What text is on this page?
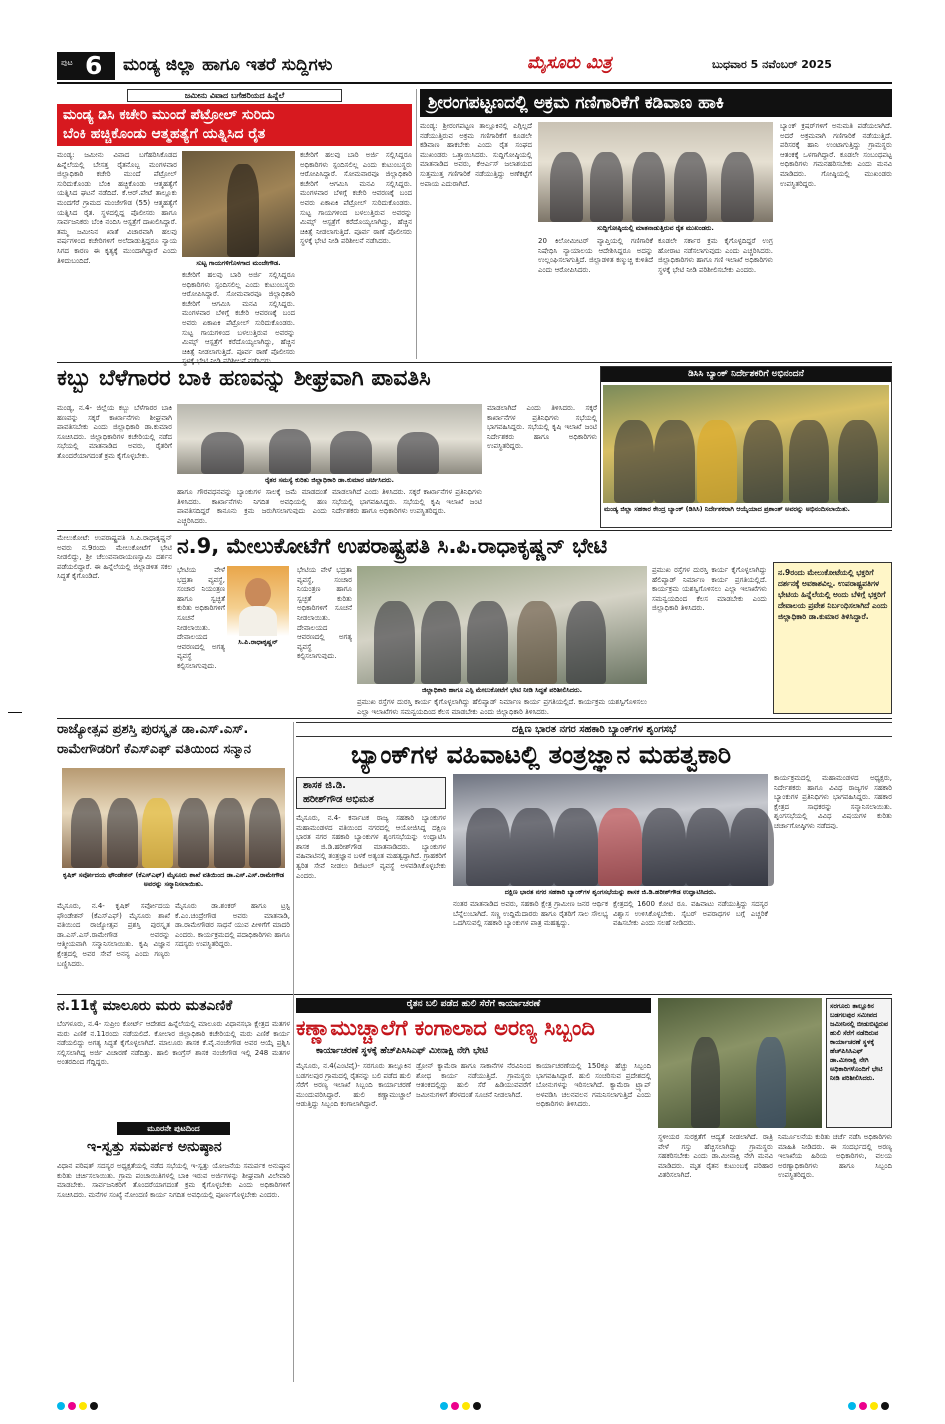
ಪುಟ 6 ಮಂಡ್ಯ ಜಿಲ್ಲಾ ಹಾಗೂ ಇತರೆ ಸುದ್ದಿಗಳು	ಮೈಸೂರು ಮಿತ್ರ	ಬುಧವಾರ 5 ನವೆಂಬರ್ 2025
ಜಮೀನು ವಿವಾದ ಬಗೆಹರಿಯದ ಹಿನ್ನೆಲೆ
ಮಂಡ್ಯ ಡಿಸಿ ಕಚೇರಿ ಮುಂದೆ ಪೆಟ್ರೋಲ್ ಸುರಿದು
ಬೆಂಕಿ ಹಚ್ಚಿಕೊಂಡು ಆತ್ಮಹತ್ಯೆಗೆ ಯತ್ನಿಸಿದ ರೈತ
ಮಂಡ್ಯ: ಜಮೀನು ವಿವಾದ ಬಗೆಹರಿಸಿಕೊಡದ ಹಿನ್ನೆಲೆಯಲ್ಲಿ ಬೇಸತ್ತ ರೈತನೊಬ್ಬ ಮಂಗಳವಾರ ಜಿಲ್ಲಾಧಿಕಾರಿ ಕಚೇರಿ ಮುಂದೆ ಪೆಟ್ರೋಲ್ ಸುರಿದುಕೊಂಡು ಬೆಂಕಿ ಹಚ್ಚಿಕೊಂಡು ಆತ್ಮಹತ್ಯೆಗೆ ಯತ್ನಿಸಿದ ಘಟನೆ ನಡೆದಿದೆ. ಕೆ.ಆರ್.ಪೇಟೆ ತಾಲ್ಲೂಕು ಮಂದಗೆರೆ ಗ್ರಾಮದ ಮಂಜೇಗೌಡ (55) ಆತ್ಮಹತ್ಯೆಗೆ ಯತ್ನಿಸಿದ ರೈತ. ಸ್ಥಳದಲ್ಲಿದ್ದ ಪೊಲೀಸರು ಹಾಗೂ ಸಾರ್ವಜನಿಕರು ಬೆಂಕಿ ನಂದಿಸಿ ಆಸ್ಪತ್ರೆಗೆ ದಾಖಲಿಸಿದ್ದಾರೆ. ತಮ್ಮ ಜಮೀನಿನ ಖಾತೆ ವಿಚಾರವಾಗಿ ಹಲವು ವರ್ಷಗಳಿಂದ ಕಚೇರಿಗಳಿಗೆ ಅಲೆದಾಡುತ್ತಿದ್ದರೂ ನ್ಯಾಯ ಸಿಗದ ಕಾರಣ ಈ ಕೃತ್ಯಕ್ಕೆ ಮುಂದಾಗಿದ್ದಾರೆ ಎಂದು ತಿಳಿದುಬಂದಿದೆ.	ಸುಟ್ಟ ಗಾಯಗಳಿಗೊಳಗಾದ ಮಂಜೇಗೌಡ.
ಕಚೇರಿಗೆ ಹಲವು ಬಾರಿ ಅರ್ಜಿ ಸಲ್ಲಿಸಿದ್ದರೂ ಅಧಿಕಾರಿಗಳು ಸ್ಪಂದಿಸಲಿಲ್ಲ ಎಂದು ಕುಟುಂಬಸ್ಥರು ಆರೋಪಿಸಿದ್ದಾರೆ. ಸೋಮವಾರವೂ ಜಿಲ್ಲಾಧಿಕಾರಿ ಕಚೇರಿಗೆ ಆಗಮಿಸಿ ಮನವಿ ಸಲ್ಲಿಸಿದ್ದರು. ಮಂಗಳವಾರ ಬೆಳಿಗ್ಗೆ ಕಚೇರಿ ಆವರಣಕ್ಕೆ ಬಂದ ಅವರು ಏಕಾಏಕಿ ಪೆಟ್ರೋಲ್ ಸುರಿದುಕೊಂಡರು. ಸುಟ್ಟ ಗಾಯಗಳಿಂದ ಬಳಲುತ್ತಿರುವ ಅವರನ್ನು ಮಿಮ್ಸ್ ಆಸ್ಪತ್ರೆಗೆ ಕರೆದೊಯ್ಯಲಾಗಿದ್ದು, ಹೆಚ್ಚಿನ ಚಿಕಿತ್ಸೆ ನೀಡಲಾಗುತ್ತಿದೆ. ಪೂರ್ವ ಠಾಣೆ ಪೊಲೀಸರು ಸ್ಥಳಕ್ಕೆ ಭೇಟಿ ನೀಡಿ ಪರಿಶೀಲನೆ ನಡೆಸಿದರು.
ಕಚೇರಿಗೆ ಹಲವು ಬಾರಿ ಅರ್ಜಿ ಸಲ್ಲಿಸಿದ್ದರೂ ಅಧಿಕಾರಿಗಳು ಸ್ಪಂದಿಸಲಿಲ್ಲ ಎಂದು ಕುಟುಂಬಸ್ಥರು ಆರೋಪಿಸಿದ್ದಾರೆ. ಸೋಮವಾರವೂ ಜಿಲ್ಲಾಧಿಕಾರಿ ಕಚೇರಿಗೆ ಆಗಮಿಸಿ ಮನವಿ ಸಲ್ಲಿಸಿದ್ದರು. ಮಂಗಳವಾರ ಬೆಳಿಗ್ಗೆ ಕಚೇರಿ ಆವರಣಕ್ಕೆ ಬಂದ ಅವರು ಏಕಾಏಕಿ ಪೆಟ್ರೋಲ್ ಸುರಿದುಕೊಂಡರು. ಸುಟ್ಟ ಗಾಯಗಳಿಂದ ಬಳಲುತ್ತಿರುವ ಅವರನ್ನು ಮಿಮ್ಸ್ ಆಸ್ಪತ್ರೆಗೆ ಕರೆದೊಯ್ಯಲಾಗಿದ್ದು, ಹೆಚ್ಚಿನ ಚಿಕಿತ್ಸೆ ನೀಡಲಾಗುತ್ತಿದೆ. ಪೂರ್ವ ಠಾಣೆ ಪೊಲೀಸರು ಸ್ಥಳಕ್ಕೆ ಭೇಟಿ ನೀಡಿ ಪರಿಶೀಲನೆ ನಡೆಸಿದರು.
ಶ್ರೀರಂಗಪಟ್ಟಣದಲ್ಲಿ ಅಕ್ರಮ ಗಣಿಗಾರಿಕೆಗೆ ಕಡಿವಾಣ ಹಾಕಿ
ಮಂಡ್ಯ: ಶ್ರೀರಂಗಪಟ್ಟಣ ತಾಲ್ಲೂಕಿನಲ್ಲಿ ಎಗ್ಗಿಲ್ಲದೆ ನಡೆಯುತ್ತಿರುವ ಅಕ್ರಮ ಗಣಿಗಾರಿಕೆಗೆ ಕೂಡಲೇ ಕಡಿವಾಣ ಹಾಕಬೇಕು ಎಂದು ರೈತ ಸಂಘದ ಮುಖಂಡರು ಒತ್ತಾಯಿಸಿದರು. ಸುದ್ದಿಗೋಷ್ಠಿಯಲ್ಲಿ ಮಾತನಾಡಿದ ಅವರು, ಕೆಆರ್ಎಸ್ ಜಲಾಶಯದ ಸುತ್ತಮುತ್ತ ಗಣಿಗಾರಿಕೆ ನಡೆಯುತ್ತಿದ್ದು ಅಣೆಕಟ್ಟೆಗೆ ಅಪಾಯ ಎದುರಾಗಿದೆ.
ಸುದ್ದಿಗೋಷ್ಠಿಯಲ್ಲಿ ಮಾತನಾಡುತ್ತಿರುವ ರೈತ ಮುಖಂಡರು.
20 ಕಿಲೋಮೀಟರ್ ವ್ಯಾಪ್ತಿಯಲ್ಲಿ ಗಣಿಗಾರಿಕೆ ನಿಷೇಧಿಸಿ ನ್ಯಾಯಾಲಯ ಆದೇಶಿಸಿದ್ದರೂ ಅದನ್ನು ಉಲ್ಲಂಘಿಸಲಾಗುತ್ತಿದೆ. ಜಿಲ್ಲಾಡಳಿತ ಕಣ್ಮುಚ್ಚಿ ಕುಳಿತಿದೆ ಎಂದು ಆರೋಪಿಸಿದರು.
ಕೂಡಲೇ ಸರ್ಕಾರ ಕ್ರಮ ಕೈಗೊಳ್ಳದಿದ್ದರೆ ಉಗ್ರ ಹೋರಾಟ ನಡೆಸಲಾಗುವುದು ಎಂದು ಎಚ್ಚರಿಸಿದರು. ಜಿಲ್ಲಾಧಿಕಾರಿಗಳು ಹಾಗೂ ಗಣಿ ಇಲಾಖೆ ಅಧಿಕಾರಿಗಳು ಸ್ಥಳಕ್ಕೆ ಭೇಟಿ ನೀಡಿ ಪರಿಶೀಲಿಸಬೇಕು ಎಂದರು.
ಬ್ಯಾಂಕ್ ಕ್ರಷರ್‌ಗಳಿಗೆ ಅನುಮತಿ ಪಡೆಯಲಾಗಿದೆ. ಅದರೆ ಅಕ್ರಮವಾಗಿ ಗಣಿಗಾರಿಕೆ ನಡೆಯುತ್ತಿದೆ. ಪರಿಸರಕ್ಕೆ ಹಾನಿ ಉಂಟಾಗುತ್ತಿದ್ದು ಗ್ರಾಮಸ್ಥರು ಆತಂಕಕ್ಕೆ ಒಳಗಾಗಿದ್ದಾರೆ. ಕೂಡಲೇ ಸಂಬಂಧಪಟ್ಟ ಅಧಿಕಾರಿಗಳು ಗಮನಹರಿಸಬೇಕು ಎಂದು ಮನವಿ ಮಾಡಿದರು. ಗೋಷ್ಠಿಯಲ್ಲಿ ಮುಖಂಡರು ಉಪಸ್ಥಿತರಿದ್ದರು.
ಕಬ್ಬು ಬೆಳೆಗಾರರ ಬಾಕಿ ಹಣವನ್ನು ಶೀಘ್ರವಾಗಿ ಪಾವತಿಸಿ
ಮಂಡ್ಯ, ನ.4- ಜಿಲ್ಲೆಯ ಕಬ್ಬು ಬೆಳೆಗಾರರ ಬಾಕಿ ಹಣವನ್ನು ಸಕ್ಕರೆ ಕಾರ್ಖಾನೆಗಳು ಶೀಘ್ರವಾಗಿ ಪಾವತಿಸಬೇಕು ಎಂದು ಜಿಲ್ಲಾಧಿಕಾರಿ ಡಾ.ಕುಮಾರ ಸೂಚಿಸಿದರು. ಜಿಲ್ಲಾಧಿಕಾರಿಗಳ ಕಚೇರಿಯಲ್ಲಿ ನಡೆದ ಸಭೆಯಲ್ಲಿ ಮಾತನಾಡಿದ ಅವರು, ರೈತರಿಗೆ ತೊಂದರೆಯಾಗದಂತೆ ಕ್ರಮ ಕೈಗೊಳ್ಳಬೇಕು.
ರೈತರ ಸಮಸ್ಯೆ ಕುರಿತು ಜಿಲ್ಲಾಧಿಕಾರಿ ಡಾ.ಕುಮಾರ ಚರ್ಚಿಸಿದರು.
ಹಾಗೂ ಗೌರವಧನವನ್ನು ಬ್ಯಾಂಕುಗಳ ಸಾಲಕ್ಕೆ ಜಮೆ ಮಾಡದಂತೆ ತಿಳಿಸಿದರು. ಕಾರ್ಖಾನೆಗಳು ನಿಗದಿತ ಅವಧಿಯಲ್ಲಿ ಹಣ ಪಾವತಿಸದಿದ್ದರೆ ಕಾನೂನು ಕ್ರಮ ಜರುಗಿಸಲಾಗುವುದು ಎಂದು ಎಚ್ಚರಿಸಿದರು.
ಮಾಡಲಾಗಿದೆ ಎಂದು ತಿಳಿಸಿದರು. ಸಕ್ಕರೆ ಕಾರ್ಖಾನೆಗಳ ಪ್ರತಿನಿಧಿಗಳು ಸಭೆಯಲ್ಲಿ ಭಾಗವಹಿಸಿದ್ದರು. ಸಭೆಯಲ್ಲಿ ಕೃಷಿ ಇಲಾಖೆ ಜಂಟಿ ನಿರ್ದೇಶಕರು ಹಾಗೂ ಅಧಿಕಾರಿಗಳು ಉಪಸ್ಥಿತರಿದ್ದರು.
ಮಾಡಲಾಗಿದೆ ಎಂದು ತಿಳಿಸಿದರು. ಸಕ್ಕರೆ ಕಾರ್ಖಾನೆಗಳ ಪ್ರತಿನಿಧಿಗಳು ಸಭೆಯಲ್ಲಿ ಭಾಗವಹಿಸಿದ್ದರು. ಸಭೆಯಲ್ಲಿ ಕೃಷಿ ಇಲಾಖೆ ಜಂಟಿ ನಿರ್ದೇಶಕರು ಹಾಗೂ ಅಧಿಕಾರಿಗಳು ಉಪಸ್ಥಿತರಿದ್ದರು.
ಡಿಸಿಸಿ ಬ್ಯಾಂಕ್ ನಿರ್ದೇಶಕರಿಗೆ ಅಭಿನಂದನೆ
ಮಂಡ್ಯ ಜಿಲ್ಲಾ ಸಹಕಾರ ಕೇಂದ್ರ ಬ್ಯಾಂಕ್ (ಡಿಸಿಸಿ) ನಿರ್ದೇಶಕರಾಗಿ ಆಯ್ಕೆಯಾದ ಪ್ರಶಾಂತ್ ಅವರನ್ನು ಅಭಿನಂದಿಸಲಾಯಿತು.
ಮೇಲುಕೋಟೆ: ಉಪರಾಷ್ಟ್ರಪತಿ ಸಿ.ಪಿ.ರಾಧಾಕೃಷ್ಣನ್ ಅವರು ನ.9ರಂದು ಮೇಲುಕೋಟೆಗೆ ಭೇಟಿ ನೀಡಲಿದ್ದು, ಶ್ರೀ ಚೆಲುವನಾರಾಯಣಸ್ವಾಮಿ ದರ್ಶನ ಪಡೆಯಲಿದ್ದಾರೆ. ಈ ಹಿನ್ನೆಲೆಯಲ್ಲಿ ಜಿಲ್ಲಾಡಳಿತ ಸಕಲ ಸಿದ್ಧತೆ ಕೈಗೊಂಡಿದೆ.
ನ.9, ಮೇಲುಕೋಟೆಗೆ ಉಪರಾಷ್ಟ್ರಪತಿ ಸಿ.ಪಿ.ರಾಧಾಕೃಷ್ಣನ್ ಭೇಟಿ
ಸಿ.ಪಿ.ರಾಧಾಕೃಷ್ಣನ್
ಭೇಟಿಯ ವೇಳೆ ಭದ್ರತಾ ವ್ಯವಸ್ಥೆ, ಸಂಚಾರ ನಿಯಂತ್ರಣ ಹಾಗೂ ಸ್ವಚ್ಛತೆ ಕುರಿತು ಅಧಿಕಾರಿಗಳಿಗೆ ಸೂಚನೆ ನೀಡಲಾಯಿತು. ದೇವಾಲಯದ ಆವರಣದಲ್ಲಿ ಅಗತ್ಯ ವ್ಯವಸ್ಥೆ ಕಲ್ಪಿಸಲಾಗುವುದು.
ಭೇಟಿಯ ವೇಳೆ ಭದ್ರತಾ ವ್ಯವಸ್ಥೆ, ಸಂಚಾರ ನಿಯಂತ್ರಣ ಹಾಗೂ ಸ್ವಚ್ಛತೆ ಕುರಿತು ಅಧಿಕಾರಿಗಳಿಗೆ ಸೂಚನೆ ನೀಡಲಾಯಿತು. ದೇವಾಲಯದ ಆವರಣದಲ್ಲಿ ಅಗತ್ಯ ವ್ಯವಸ್ಥೆ ಕಲ್ಪಿಸಲಾಗುವುದು.
ಜಿಲ್ಲಾಧಿಕಾರಿ ಹಾಗೂ ಎಸ್ಪಿ ಮೇಲುಕೋಟೆಗೆ ಭೇಟಿ ನೀಡಿ ಸಿದ್ಧತೆ ಪರಿಶೀಲಿಸಿದರು.
ಪ್ರಮುಖ ರಸ್ತೆಗಳ ದುರಸ್ತಿ ಕಾರ್ಯ ಕೈಗೊಳ್ಳಲಾಗಿದ್ದು ಹೆಲಿಪ್ಯಾಡ್ ನಿರ್ಮಾಣ ಕಾರ್ಯ ಪ್ರಗತಿಯಲ್ಲಿದೆ. ಕಾರ್ಯಕ್ರಮ ಯಶಸ್ವಿಗೊಳಿಸಲು ಎಲ್ಲಾ ಇಲಾಖೆಗಳು ಸಮನ್ವಯದಿಂದ ಕೆಲಸ ಮಾಡಬೇಕು ಎಂದು ಜಿಲ್ಲಾಧಿಕಾರಿ ತಿಳಿಸಿದರು.
ಪ್ರಮುಖ ರಸ್ತೆಗಳ ದುರಸ್ತಿ ಕಾರ್ಯ ಕೈಗೊಳ್ಳಲಾಗಿದ್ದು ಹೆಲಿಪ್ಯಾಡ್ ನಿರ್ಮಾಣ ಕಾರ್ಯ ಪ್ರಗತಿಯಲ್ಲಿದೆ. ಕಾರ್ಯಕ್ರಮ ಯಶಸ್ವಿಗೊಳಿಸಲು ಎಲ್ಲಾ ಇಲಾಖೆಗಳು ಸಮನ್ವಯದಿಂದ ಕೆಲಸ ಮಾಡಬೇಕು ಎಂದು ಜಿಲ್ಲಾಧಿಕಾರಿ ತಿಳಿಸಿದರು.
ನ.9ರಂದು ಮೇಲುಕೋಟೆಯಲ್ಲಿ ಭಕ್ತರಿಗೆ ದರ್ಶನಕ್ಕೆ ಅವಕಾಶವಿಲ್ಲ. ಉಪರಾಷ್ಟ್ರಪತಿಗಳ ಭೇಟಿಯ ಹಿನ್ನೆಲೆಯಲ್ಲಿ ಅಂದು ಬೆಳಿಗ್ಗೆ ಭಕ್ತರಿಗೆ ದೇವಾಲಯ ಪ್ರವೇಶ ನಿರ್ಬಂಧಿಸಲಾಗಿದೆ ಎಂದು ಜಿಲ್ಲಾಧಿಕಾರಿ ಡಾ.ಕುಮಾರ ತಿಳಿಸಿದ್ದಾರೆ.
ರಾಜ್ಯೋತ್ಸವ ಪ್ರಶಸ್ತಿ ಪುರಸ್ಕೃತ ಡಾ.ಎಸ್.ಎಸ್.
ರಾಮೇಗೌಡರಿಗೆ ಕೆಎಸ್‌ಎಫ್ ವತಿಯಿಂದ ಸನ್ಮಾನ
ಕೃಷಿಕ್ ಸರ್ವೋದಯ ಫೌಂಡೇಶನ್ (ಕೆಎಸ್‌ಎಫ್) ಮೈಸೂರು ಶಾಖೆ ವತಿಯಿಂದ ಡಾ.ಎಸ್.ಎಸ್.ರಾಮೇಗೌಡ ಅವರನ್ನು ಸನ್ಮಾನಿಸಲಾಯಿತು.
ಮೈಸೂರು, ನ.4- ಕೃಷಿಕ್ ಸರ್ವೋದಯ ಫೌಂಡೇಶನ್ (ಕೆಎಸ್‌ಎಫ್) ಮೈಸೂರು ಶಾಖೆ ವತಿಯಿಂದ ರಾಜ್ಯೋತ್ಸವ ಪ್ರಶಸ್ತಿ ಪುರಸ್ಕೃತ ಡಾ.ಎಸ್.ಎಸ್.ರಾಮೇಗೌಡ ಅವರನ್ನು ಆತ್ಮೀಯವಾಗಿ ಸನ್ಮಾನಿಸಲಾಯಿತು. ಕೃಷಿ ವಿಜ್ಞಾನ ಕ್ಷೇತ್ರದಲ್ಲಿ ಅವರ ಸೇವೆ ಅನನ್ಯ ಎಂದು ಗಣ್ಯರು ಬಣ್ಣಿಸಿದರು.
ಮೈಸೂರು ಡಾ.ಶಂಕರ್ ಹಾಗೂ ಟ್ರಸ್ಟಿ ಕೆ.ಎಂ.ಚಂದ್ರೇಗೌಡ ಅವರು ಮಾತನಾಡಿ, ಡಾ.ರಾಮೇಗೌಡರ ಸಾಧನೆ ಯುವ ಪೀಳಿಗೆಗೆ ಮಾದರಿ ಎಂದರು. ಕಾರ್ಯಕ್ರಮದಲ್ಲಿ ಪದಾಧಿಕಾರಿಗಳು ಹಾಗೂ ಸದಸ್ಯರು ಉಪಸ್ಥಿತರಿದ್ದರು.
ದಕ್ಷಿಣ ಭಾರತ ನಗರ ಸಹಕಾರಿ ಬ್ಯಾಂಕ್‌ಗಳ ಶೃಂಗಸಭೆ
ಬ್ಯಾಂಕ್‌ಗಳ ವಹಿವಾಟಲ್ಲಿ ತಂತ್ರಜ್ಞಾನ ಮಹತ್ವಕಾರಿ
ಶಾಸಕ ಜಿ.ಡಿ.
ಹರೀಶ್‌ಗೌಡ ಅಭಿಮತ
ಮೈಸೂರು, ನ.4- ಕರ್ನಾಟಕ ರಾಜ್ಯ ಸಹಕಾರಿ ಬ್ಯಾಂಕುಗಳ ಮಹಾಮಂಡಳದ ವತಿಯಿಂದ ನಗರದಲ್ಲಿ ಆಯೋಜಿಸಿದ್ದ ದಕ್ಷಿಣ ಭಾರತ ನಗರ ಸಹಕಾರಿ ಬ್ಯಾಂಕುಗಳ ಶೃಂಗಸಭೆಯನ್ನು ಉದ್ಘಾಟಿಸಿ ಶಾಸಕ ಜಿ.ಡಿ.ಹರೀಶ್‌ಗೌಡ ಮಾತನಾಡಿದರು. ಬ್ಯಾಂಕುಗಳ ವಹಿವಾಟಿನಲ್ಲಿ ತಂತ್ರಜ್ಞಾನ ಬಳಕೆ ಅತ್ಯಂತ ಮಹತ್ವದ್ದಾಗಿದೆ. ಗ್ರಾಹಕರಿಗೆ ತ್ವರಿತ ಸೇವೆ ನೀಡಲು ಡಿಜಿಟಲ್ ವ್ಯವಸ್ಥೆ ಅಳವಡಿಸಿಕೊಳ್ಳಬೇಕು ಎಂದರು.
ದಕ್ಷಿಣ ಭಾರತ ನಗರ ಸಹಕಾರಿ ಬ್ಯಾಂಕ್‌ಗಳ ಶೃಂಗಸಭೆಯನ್ನು ಶಾಸಕ ಜಿ.ಡಿ.ಹರೀಶ್‌ಗೌಡ ಉದ್ಘಾಟಿಸಿದರು.
ನಂತರ ಮಾತನಾಡಿದ ಅವರು, ಸಹಕಾರಿ ಕ್ಷೇತ್ರ ಗ್ರಾಮೀಣ ಜನರ ಆರ್ಥಿಕ ಬೆನ್ನೆಲುಬಾಗಿದೆ. ಸಣ್ಣ ಉದ್ದಿಮೆದಾರರು ಹಾಗೂ ರೈತರಿಗೆ ಸಾಲ ಸೌಲಭ್ಯ ಒದಗಿಸುವಲ್ಲಿ ಸಹಕಾರಿ ಬ್ಯಾಂಕುಗಳ ಪಾತ್ರ ಮಹತ್ವದ್ದು.
ಕ್ಷೇತ್ರದಲ್ಲಿ 1600 ಕೋಟಿ ರೂ. ವಹಿವಾಟು ನಡೆಯುತ್ತಿದ್ದು ಸದಸ್ಯರ ವಿಶ್ವಾಸ ಉಳಿಸಿಕೊಳ್ಳಬೇಕು. ಸೈಬರ್ ಅಪರಾಧಗಳ ಬಗ್ಗೆ ಎಚ್ಚರಿಕೆ ವಹಿಸಬೇಕು ಎಂದು ಸಲಹೆ ನೀಡಿದರು.
ಕಾರ್ಯಕ್ರಮದಲ್ಲಿ ಮಹಾಮಂಡಳದ ಅಧ್ಯಕ್ಷರು, ನಿರ್ದೇಶಕರು ಹಾಗೂ ವಿವಿಧ ರಾಜ್ಯಗಳ ಸಹಕಾರಿ ಬ್ಯಾಂಕುಗಳ ಪ್ರತಿನಿಧಿಗಳು ಭಾಗವಹಿಸಿದ್ದರು. ಸಹಕಾರ ಕ್ಷೇತ್ರದ ಸಾಧಕರನ್ನು ಸನ್ಮಾನಿಸಲಾಯಿತು. ಶೃಂಗಸಭೆಯಲ್ಲಿ ವಿವಿಧ ವಿಷಯಗಳ ಕುರಿತು ಚರ್ಚಾಗೋಷ್ಠಿಗಳು ನಡೆದವು.
ನ.11ಕ್ಕೆ ಮಾಲೂರು ಮರು ಮತಎಣಿಕೆ
ಬೆಂಗಳೂರು, ನ.4- ಸುಪ್ರೀಂ ಕೋರ್ಟ್ ಆದೇಶದ ಹಿನ್ನೆಲೆಯಲ್ಲಿ ಮಾಲೂರು ವಿಧಾನಸಭಾ ಕ್ಷೇತ್ರದ ಮತಗಳ ಮರು ಎಣಿಕೆ ನ.11ರಂದು ನಡೆಯಲಿದೆ. ಕೋಲಾರ ಜಿಲ್ಲಾಧಿಕಾರಿ ಕಚೇರಿಯಲ್ಲಿ ಮರು ಎಣಿಕೆ ಕಾರ್ಯ ನಡೆಯಲಿದ್ದು ಅಗತ್ಯ ಸಿದ್ಧತೆ ಕೈಗೊಳ್ಳಲಾಗಿದೆ. ಮಾಲೂರು ಶಾಸಕ ಕೆ.ವೈ.ನಂಜೇಗೌಡ ಅವರ ಆಯ್ಕೆ ಪ್ರಶ್ನಿಸಿ ಸಲ್ಲಿಸಲಾಗಿದ್ದ ಅರ್ಜಿ ವಿಚಾರಣೆ ನಡೆದಿತ್ತು. ಹಾಲಿ ಕಾಂಗ್ರೆಸ್ ಶಾಸಕ ನಂಜೇಗೌಡ ಇಲ್ಲಿ 248 ಮತಗಳ ಅಂತರದಿಂದ ಗೆದ್ದಿದ್ದರು.
ಮೂರನೇ ಪುಟದಿಂದ
ಇ-ಸ್ವತ್ತು ಸಮರ್ಪಕ ಅನುಷ್ಠಾನ
ವಿಧಾನ ಪರಿಷತ್ ಸದಸ್ಯರ ಅಧ್ಯಕ್ಷತೆಯಲ್ಲಿ ನಡೆದ ಸಭೆಯಲ್ಲಿ ಇ-ಸ್ವತ್ತು ಯೋಜನೆಯ ಸಮರ್ಪಕ ಅನುಷ್ಠಾನ ಕುರಿತು ಚರ್ಚಿಸಲಾಯಿತು. ಗ್ರಾಮ ಪಂಚಾಯಿತಿಗಳಲ್ಲಿ ಬಾಕಿ ಇರುವ ಅರ್ಜಿಗಳನ್ನು ಶೀಘ್ರವಾಗಿ ವಿಲೇವಾರಿ ಮಾಡಬೇಕು. ಸಾರ್ವಜನಿಕರಿಗೆ ತೊಂದರೆಯಾಗದಂತೆ ಕ್ರಮ ಕೈಗೊಳ್ಳಬೇಕು ಎಂದು ಅಧಿಕಾರಿಗಳಿಗೆ ಸೂಚಿಸಿದರು. ಮನೆಗಳ ಸಂಖ್ಯೆ ನೋಂದಣಿ ಕಾರ್ಯ ನಿಗದಿತ ಅವಧಿಯಲ್ಲಿ ಪೂರ್ಣಗೊಳ್ಳಬೇಕು ಎಂದರು.
ರೈತನ ಬಲಿ ಪಡೆದ ಹುಲಿ ಸೆರೆಗೆ ಕಾರ್ಯಾಚರಣೆ
ಕಣ್ಣಾಮುಚ್ಚಾಲೆಗೆ ಕಂಗಾಲಾದ ಅರಣ್ಯ ಸಿಬ್ಬಂದಿ
ಕಾರ್ಯಾಚರಣೆ ಸ್ಥಳಕ್ಕೆ ಹೆಚ್‌ಪಿಸಿಸಿಎಫ್ ಮೀನಾಕ್ಷಿ ನೇಗಿ ಭೇಟಿ
ಮೈಸೂರು, ನ.4(ಎಂಟಿವೈ)- ಸರಗೂರು ತಾಲ್ಲೂಕಿನ ಬಡಗಲಪುರ ಗ್ರಾಮದಲ್ಲಿ ರೈತನನ್ನು ಬಲಿ ಪಡೆದ ಹುಲಿ ಸೆರೆಗೆ ಅರಣ್ಯ ಇಲಾಖೆ ಸಿಬ್ಬಂದಿ ಕಾರ್ಯಾಚರಣೆ ಮುಂದುವರಿಸಿದ್ದಾರೆ. ಹುಲಿ ಕಣ್ಣಾಮುಚ್ಚಾಲೆ ಆಡುತ್ತಿದ್ದು ಸಿಬ್ಬಂದಿ ಕಂಗಾಲಾಗಿದ್ದಾರೆ.
ಡ್ರೋನ್ ಕ್ಯಾಮೆರಾ ಹಾಗೂ ಸಾಕಾನೆಗಳ ನೆರವಿನಿಂದ ಶೋಧ ಕಾರ್ಯ ನಡೆಯುತ್ತಿದೆ. ಗ್ರಾಮಸ್ಥರು ಆತಂಕದಲ್ಲಿದ್ದು ಹುಲಿ ಸೆರೆ ಹಿಡಿಯುವವರೆಗೆ ಜಮೀನುಗಳಿಗೆ ತೆರಳದಂತೆ ಸೂಚನೆ ನೀಡಲಾಗಿದೆ.
ಕಾರ್ಯಾಚರಣೆಯಲ್ಲಿ 150ಕ್ಕೂ ಹೆಚ್ಚು ಸಿಬ್ಬಂದಿ ಭಾಗವಹಿಸಿದ್ದಾರೆ. ಹುಲಿ ಸಂಚರಿಸುವ ಪ್ರದೇಶದಲ್ಲಿ ಬೋನುಗಳನ್ನು ಇರಿಸಲಾಗಿದೆ. ಕ್ಯಾಮೆರಾ ಟ್ರ್ಯಾಪ್ ಅಳವಡಿಸಿ ಚಲನವಲನ ಗಮನಿಸಲಾಗುತ್ತಿದೆ ಎಂದು ಅಧಿಕಾರಿಗಳು ತಿಳಿಸಿದರು.
ಸರಗೂರು ತಾಲ್ಲೂಕಿನ ಬಡಗಲಪುರ ಸಮೀಪದ ಜಮೀನಿನಲ್ಲಿ ಬೀಡುಬಿಟ್ಟಿರುವ ಹುಲಿ ಸೆರೆಗೆ ನಡೆದಿರುವ ಕಾರ್ಯಾಚರಣೆ ಸ್ಥಳಕ್ಕೆ ಹೆಚ್‌ಪಿಸಿಸಿಎಫ್ ಡಾ.ಮೀನಾಕ್ಷಿ ನೇಗಿ ಅಧಿಕಾರಿಗಳೊಂದಿಗೆ ಭೇಟಿ ನೀಡಿ ಪರಿಶೀಲಿಸಿದರು.
ಸ್ಥಳೀಯರ ಸುರಕ್ಷತೆಗೆ ಆದ್ಯತೆ ನೀಡಲಾಗಿದೆ. ರಾತ್ರಿ ವೇಳೆ ಗಸ್ತು ಹೆಚ್ಚಿಸಲಾಗಿದ್ದು ಗ್ರಾಮಸ್ಥರು ಸಹಕರಿಸಬೇಕು ಎಂದು ಡಾ.ಮೀನಾಕ್ಷಿ ನೇಗಿ ಮನವಿ ಮಾಡಿದರು. ಮೃತ ರೈತನ ಕುಟುಂಬಕ್ಕೆ ಪರಿಹಾರ ವಿತರಿಸಲಾಗಿದೆ.
ನಿರ್ಮೂಲನೆಯ ಕುರಿತು ಚರ್ಚೆ ನಡೆಸಿ ಅಧಿಕಾರಿಗಳು ಮಾಹಿತಿ ನೀಡಿದರು. ಈ ಸಂದರ್ಭದಲ್ಲಿ ಅರಣ್ಯ ಇಲಾಖೆಯ ಹಿರಿಯ ಅಧಿಕಾರಿಗಳು, ವಲಯ ಅರಣ್ಯಾಧಿಕಾರಿಗಳು ಹಾಗೂ ಸಿಬ್ಬಂದಿ ಉಪಸ್ಥಿತರಿದ್ದರು.
